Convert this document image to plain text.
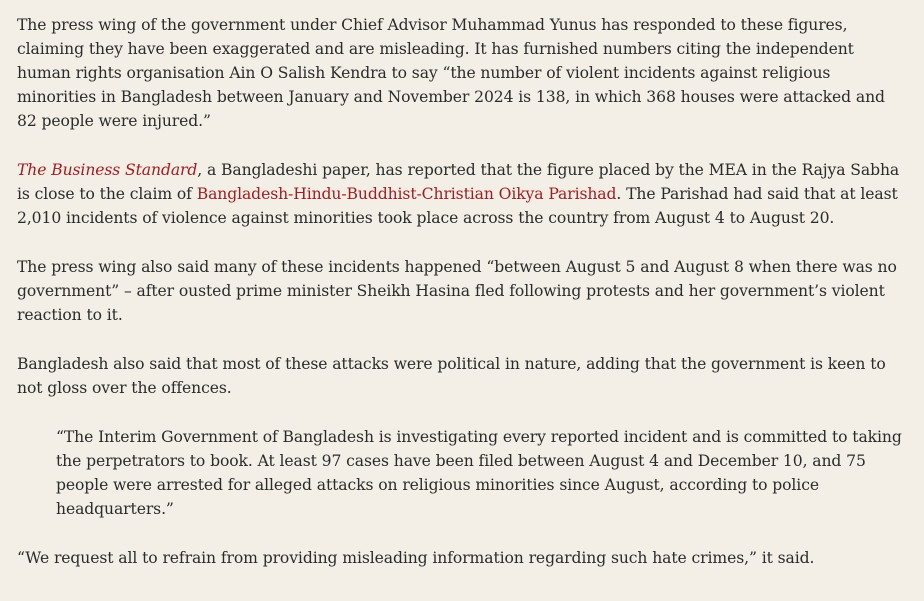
The press wing of the government under Chief Advisor Muhammad Yunus has responded to these figures, claiming they have been exaggerated and are misleading. It has furnished numbers citing the independent human rights organisation Ain O Salish Kendra to say “the number of violent incidents against religious minorities in Bangladesh between January and November 2024 is 138, in which 368 houses were attacked and 82 people were injured.”

The Business Standard, a Bangladeshi paper, has reported that the figure placed by the MEA in the Rajya Sabha is close to the claim of Bangladesh-Hindu-Buddhist-Christian Oikya Parishad. The Parishad had said that at least 2,010 incidents of violence against minorities took place across the country from August 4 to August 20.

The press wing also said many of these incidents happened “between August 5 and August 8 when there was no government” – after ousted prime minister Sheikh Hasina fled following protests and her government’s violent reaction to it.

Bangladesh also said that most of these attacks were political in nature, adding that the government is keen to not gloss over the offences.

“The Interim Government of Bangladesh is investigating every reported incident and is committed to taking the perpetrators to book. At least 97 cases have been filed between August 4 and December 10, and 75 people were arrested for alleged attacks on religious minorities since August, according to police headquarters.”

“We request all to refrain from providing misleading information regarding such hate crimes,” it said.
